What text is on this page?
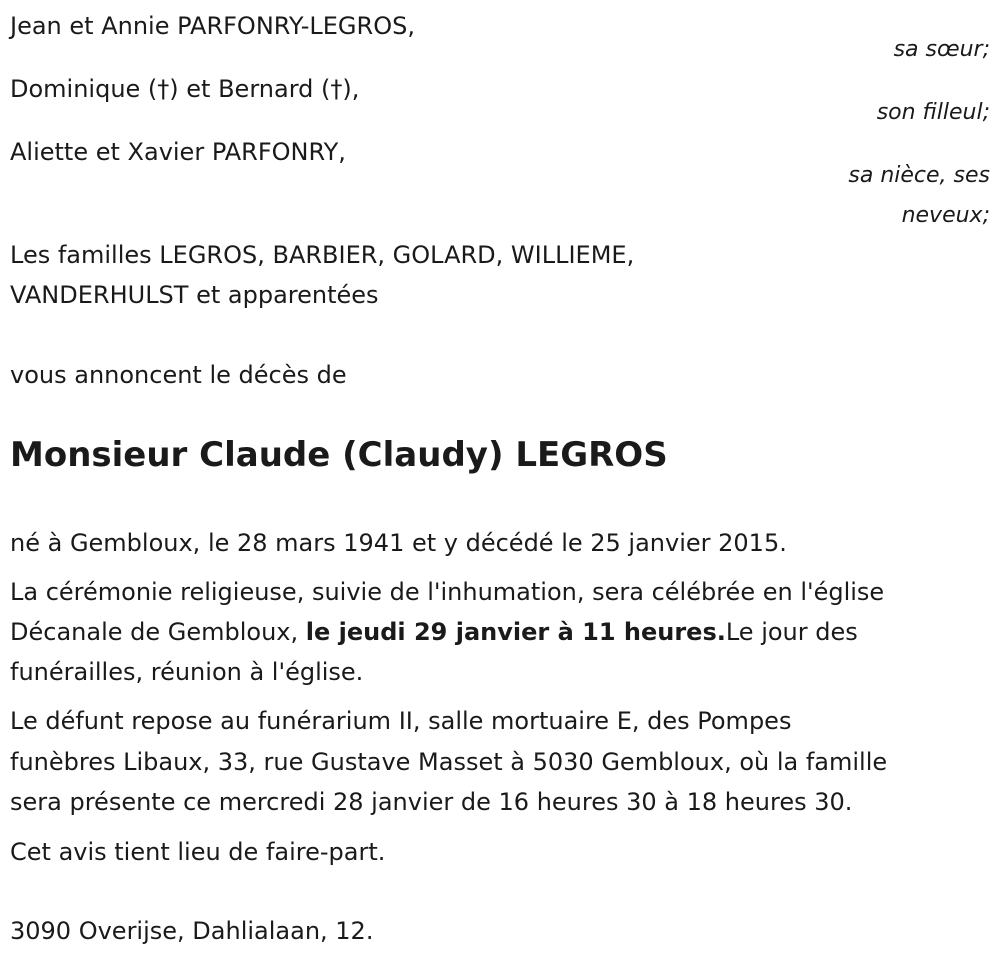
Jean et Annie PARFONRY-LEGROS,
sa sœur;
Dominique (†) et Bernard (†),
son filleul;
Aliette et Xavier PARFONRY,
sa nièce, ses
neveux;
Les familles LEGROS, BARBIER, GOLARD, WILLIEME,
VANDERHULST et apparentées
vous annoncent le décès de
Monsieur Claude (Claudy) LEGROS
né à Gembloux, le 28 mars 1941 et y décédé le 25 janvier 2015.
La cérémonie religieuse, suivie de l'inhumation, sera célébrée en l'église
Décanale de Gembloux, le jeudi 29 janvier à 11 heures.Le jour des
funérailles, réunion à l'église.
Le défunt repose au funérarium II, salle mortuaire E, des Pompes
funèbres Libaux, 33, rue Gustave Masset à 5030 Gembloux, où la famille
sera présente ce mercredi 28 janvier de 16 heures 30 à 18 heures 30.
Cet avis tient lieu de faire-part.
3090 Overijse, Dahlialaan, 12.
